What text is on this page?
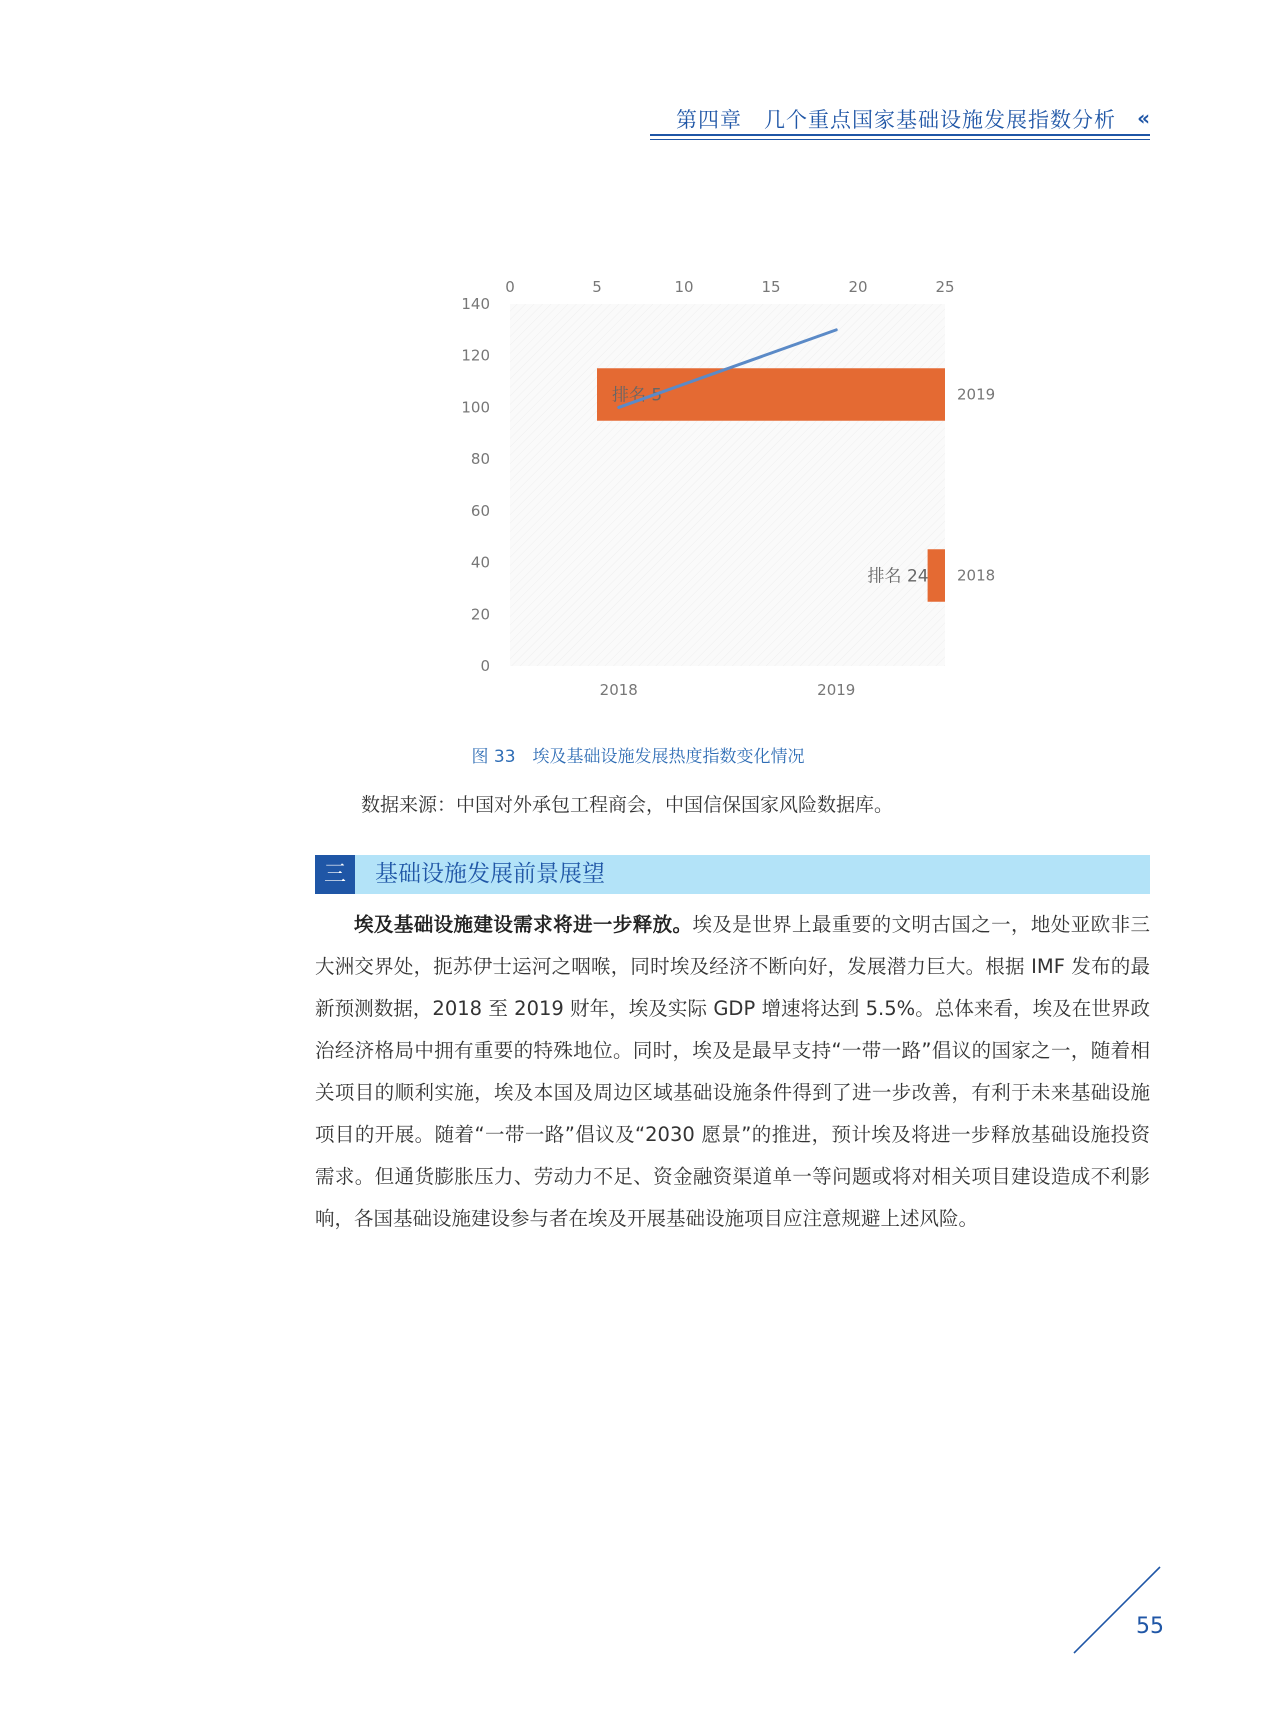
第四章　几个重点国家基础设施发展指数分析 «
0	5	10	15	20	25
0
20
40
60
80
100
120
140
2018	2019
排名 24
排名 5
2018
2019
图 33　埃及基础设施发展热度指数变化情况
数据来源：中国对外承包工程商会，中国信保国家风险数据库。
三	基础设施发展前景展望

埃及基础设施建设需求将进一步释放。埃及是世界上最重要的文明古国之一，地处亚欧非三大洲交界处，扼苏伊士运河之咽喉，同时埃及经济不断向好，发展潜力巨大。根据 IMF 发布的最新预测数据，2018 至 2019 财年，埃及实际 GDP 增速将达到 5.5%。总体来看，埃及在世界政治经济格局中拥有重要的特殊地位。同时，埃及是最早支持“一带一路”倡议的国家之一，随着相关项目的顺利实施，埃及本国及周边区域基础设施条件得到了进一步改善，有利于未来基础设施项目的开展。随着“一带一路”倡议及“2030 愿景”的推进，预计埃及将进一步释放基础设施投资需求。但通货膨胀压力、劳动力不足、资金融资渠道单一等问题或将对相关项目建设造成不利影响，各国基础设施建设参与者在埃及开展基础设施项目应注意规避上述风险。

55
